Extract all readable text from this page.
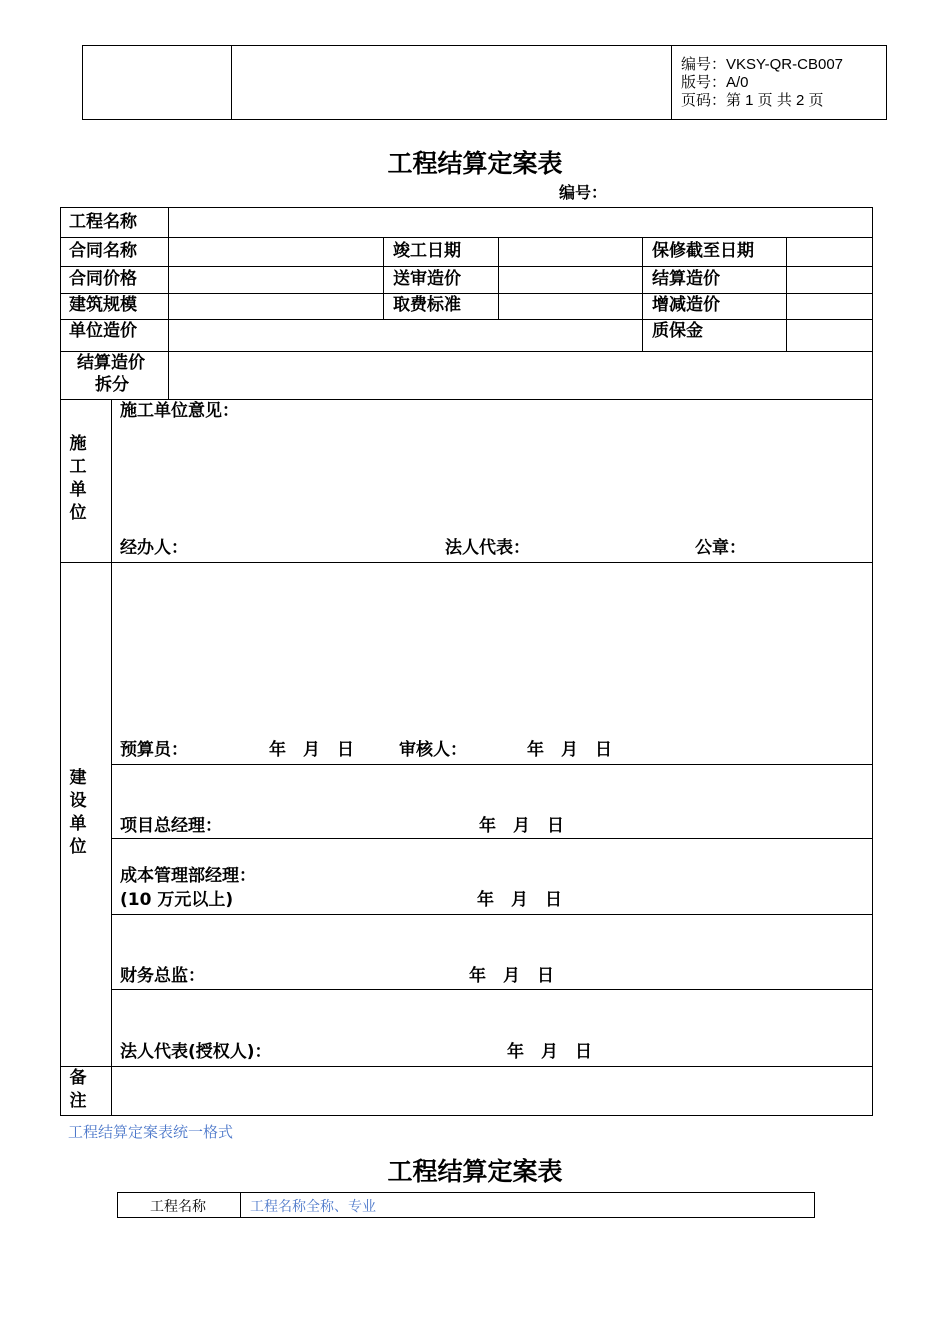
编号：VKSY-QR-CB007
版号：A/0
页码：第 1 页 共 2 页
工程结算定案表
编号：
工程名称
合同名称	竣工日期	保修截至日期
合同价格	送审造价	结算造价
建筑规模	取费标准	增减造价
单位造价	质保金
结算造价
拆分
施
工
单
位
施工单位意见：
经办人：	法人代表：	公章：
建
设
单
位
预算员：	年　月　日	审核人：	年　月　日
项目总经理：	年　月　日
成本管理部经理：
(10 万元以上)	年　月　日
财务总监：	年　月　日
法人代表(授权人)：	年　月　日
备
注
工程结算定案表统一格式
工程结算定案表
工程名称	工程名称全称、专业
